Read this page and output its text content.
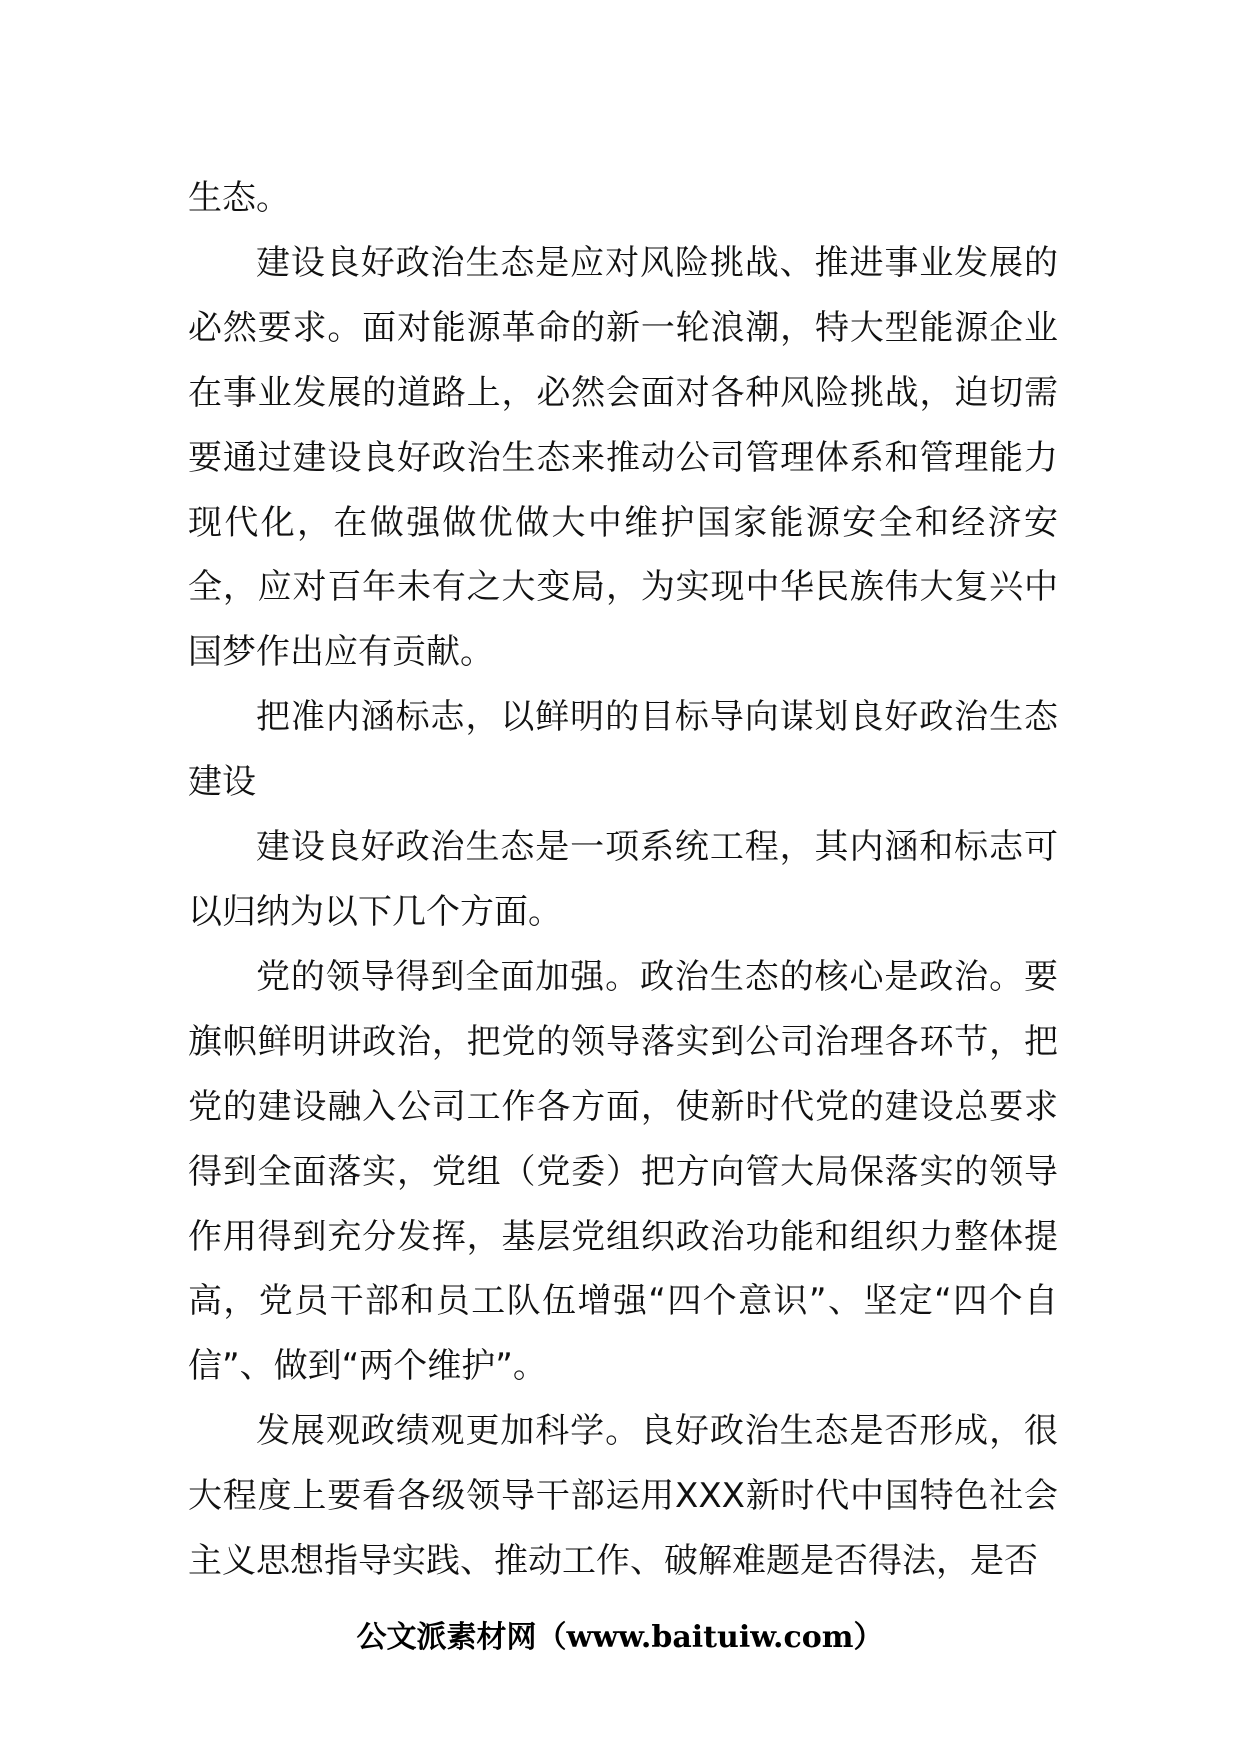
生态。

建设良好政治生态是应对风险挑战、推进事业发展的必然要求。面对能源革命的新一轮浪潮，特大型能源企业在事业发展的道路上，必然会面对各种风险挑战，迫切需要通过建设良好政治生态来推动公司管理体系和管理能力现代化，在做强做优做大中维护国家能源安全和经济安全，应对百年未有之大变局，为实现中华民族伟大复兴中国梦作出应有贡献。

把准内涵标志，以鲜明的目标导向谋划良好政治生态建设

建设良好政治生态是一项系统工程，其内涵和标志可以归纳为以下几个方面。

党的领导得到全面加强。政治生态的核心是政治。要旗帜鲜明讲政治，把党的领导落实到公司治理各环节，把党的建设融入公司工作各方面，使新时代党的建设总要求得到全面落实，党组（党委）把方向管大局保落实的领导作用得到充分发挥，基层党组织政治功能和组织力整体提高，党员干部和员工队伍增强“四个意识”、坚定“四个自信”、做到“两个维护”。

发展观政绩观更加科学。良好政治生态是否形成，很大程度上要看各级领导干部运用XXX新时代中国特色社会主义思想指导实践、推动工作、破解难题是否得法，是否

公文派素材网（www.baituiw.com）
